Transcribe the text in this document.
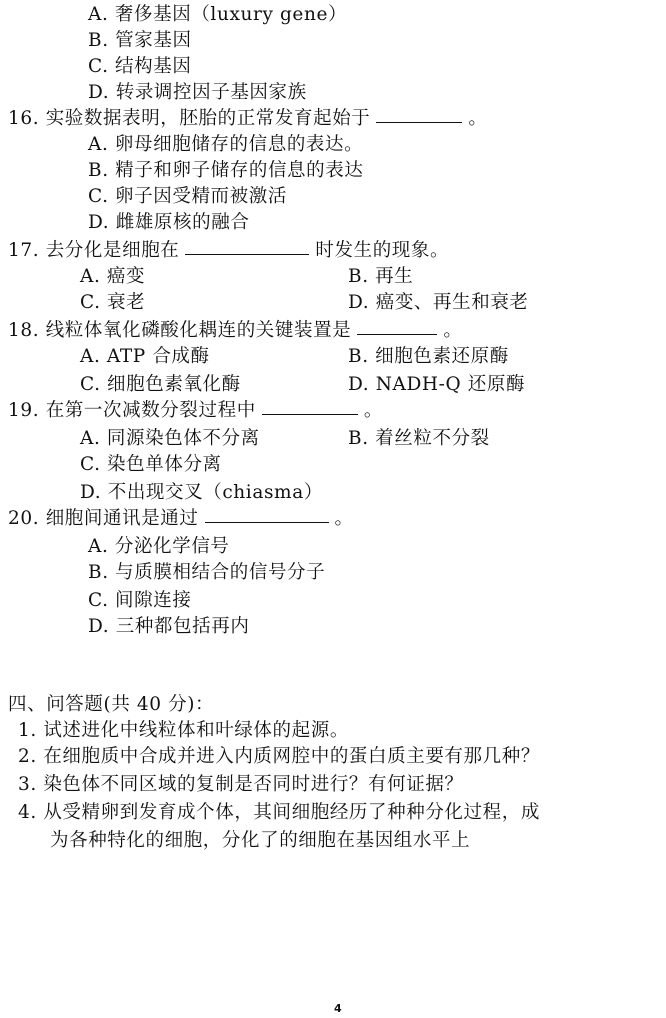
A. 奢侈基因（luxury gene）
B. 管家基因
C. 结构基因
D. 转录调控因子基因家族
16. 实验数据表明，胚胎的正常发育起始于	。
A. 卵母细胞储存的信息的表达。
B. 精子和卵子储存的信息的表达
C. 卵子因受精而被激活
D. 雌雄原核的融合
17. 去分化是细胞在	时发生的现象。
A. 癌变	B. 再生
C. 衰老	D. 癌变、再生和衰老
18. 线粒体氧化磷酸化耦连的关键装置是	。
A. ATP 合成酶	B. 细胞色素还原酶
C. 细胞色素氧化酶	D. NADH-Q 还原酶
19. 在第一次减数分裂过程中	。
A. 同源染色体不分离	B. 着丝粒不分裂
C. 染色单体分离
D. 不出现交叉（chiasma）
20. 细胞间通讯是通过	。
A. 分泌化学信号
B. 与质膜相结合的信号分子
C. 间隙连接
D. 三种都包括再内
四、问答题(共 40 分)：
1. 试述进化中线粒体和叶绿体的起源。
2. 在细胞质中合成并进入内质网腔中的蛋白质主要有那几种？
3. 染色体不同区域的复制是否同时进行？有何证据？
4. 从受精卵到发育成个体，其间细胞经历了种种分化过程，成
为各种特化的细胞，分化了的细胞在基因组水平上
4
